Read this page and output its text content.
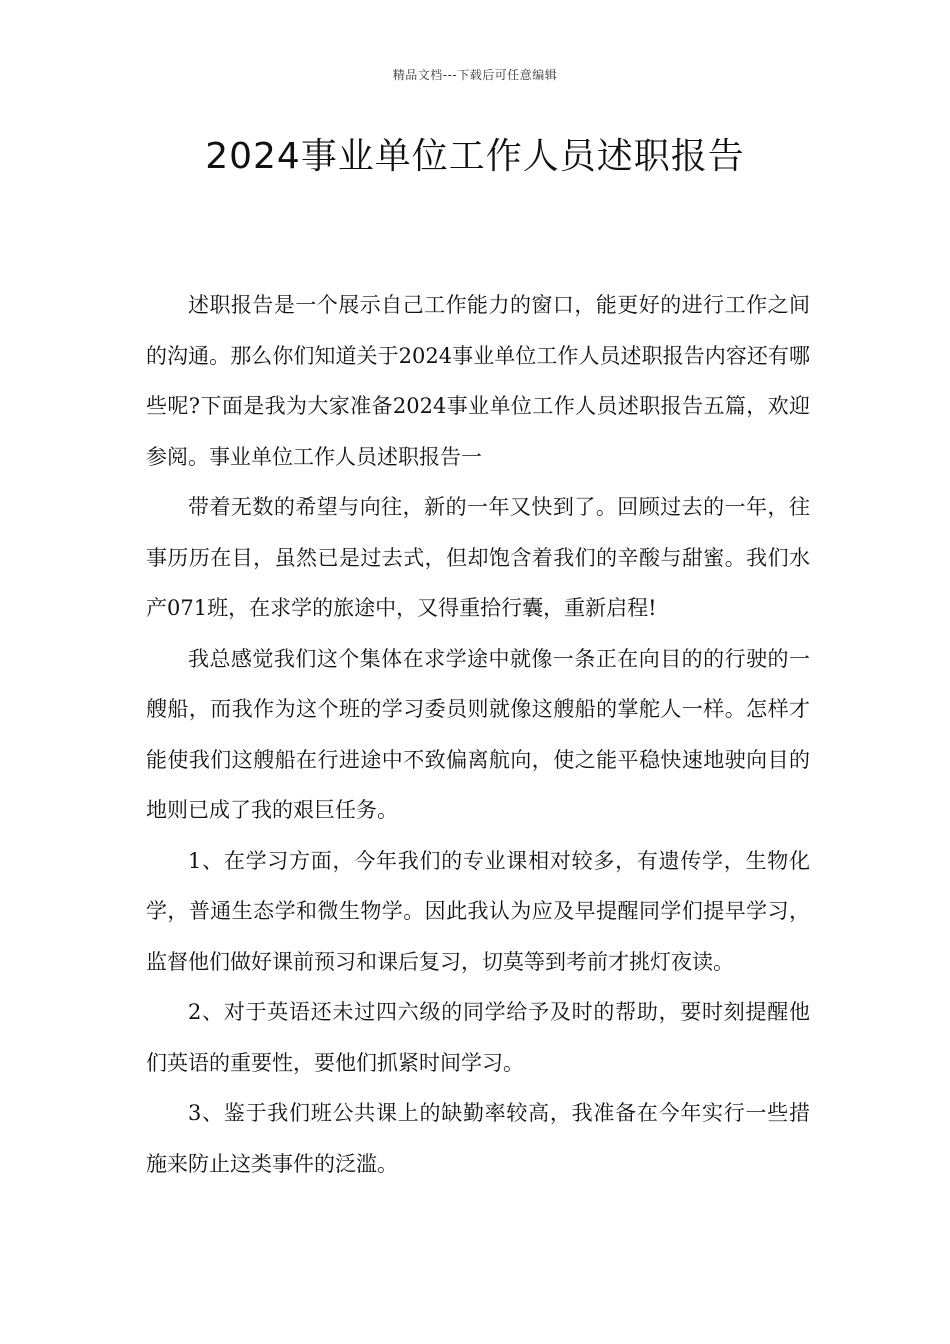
精品文档---下载后可任意编辑
2024事业单位工作人员述职报告

述职报告是一个展示自己工作能力的窗口，能更好的进行工作之间的沟通。那么你们知道关于2024事业单位工作人员述职报告内容还有哪些呢?下面是我为大家准备2024事业单位工作人员述职报告五篇，欢迎参阅。事业单位工作人员述职报告一

带着无数的希望与向往，新的一年又快到了。回顾过去的一年，往事历历在目，虽然已是过去式，但却饱含着我们的辛酸与甜蜜。我们水产071班，在求学的旅途中，又得重拾行囊，重新启程!

我总感觉我们这个集体在求学途中就像一条正在向目的的行驶的一艘船，而我作为这个班的学习委员则就像这艘船的掌舵人一样。怎样才能使我们这艘船在行进途中不致偏离航向，使之能平稳快速地驶向目的地则已成了我的艰巨任务。

1、在学习方面，今年我们的专业课相对较多，有遗传学，生物化学，普通生态学和微生物学。因此我认为应及早提醒同学们提早学习，监督他们做好课前预习和课后复习，切莫等到考前才挑灯夜读。

2、对于英语还未过四六级的同学给予及时的帮助，要时刻提醒他们英语的重要性，要他们抓紧时间学习。

3、鉴于我们班公共课上的缺勤率较高，我准备在今年实行一些措施来防止这类事件的泛滥。
